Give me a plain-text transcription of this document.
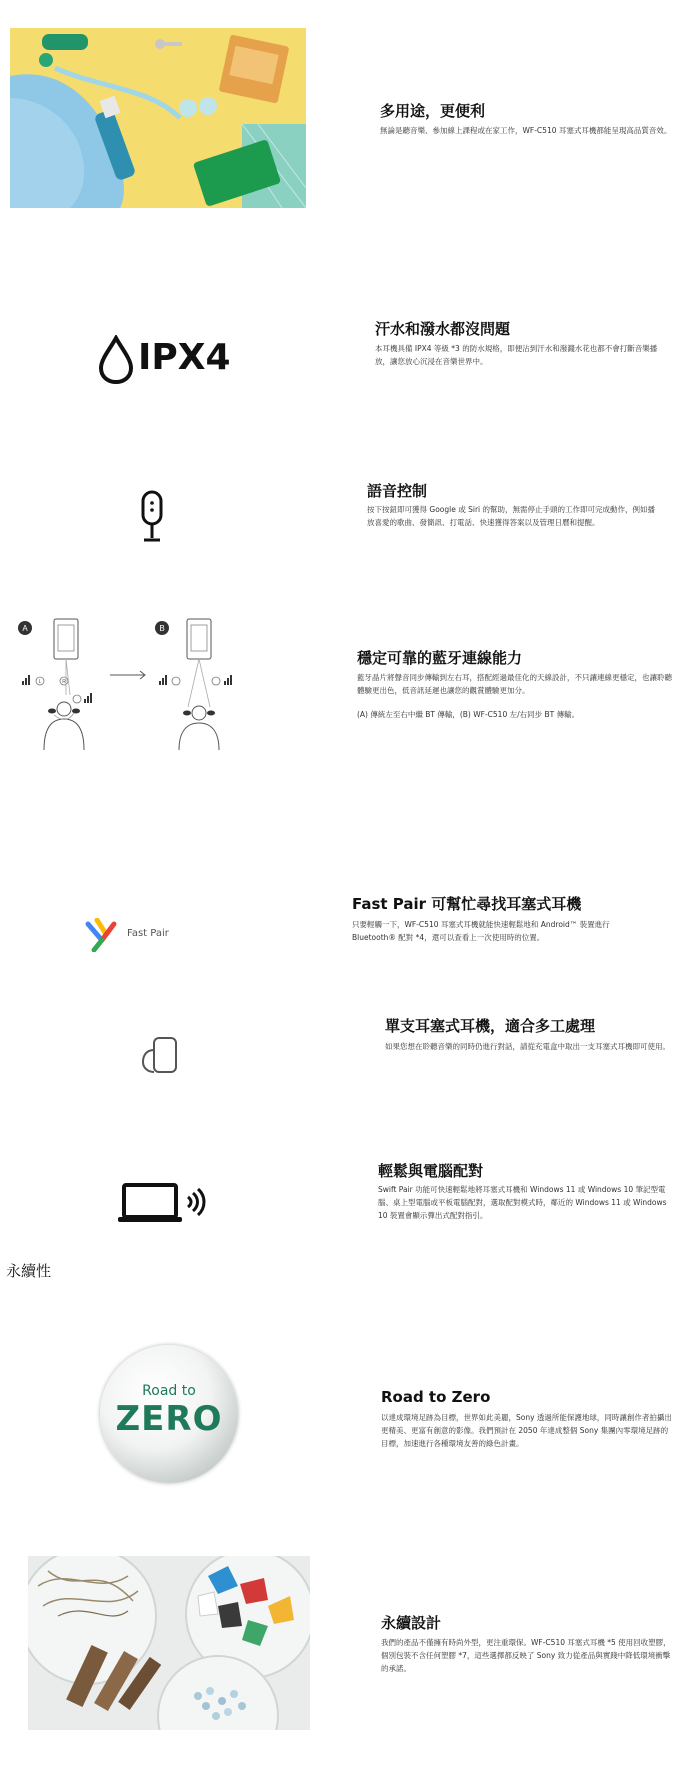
多用途，更便利
無論是聽音樂、參加線上課程或在家工作，WF-C510 耳塞式耳機都能呈現高品質音效。
IPX4
汗水和潑水都沒問題
本耳機具備 IPX4 等級 *3 的防水規格，即便沾到汗水和潑濺水花也都不會打斷音樂播放，讓您放心沉浸在音樂世界中。
語音控制
按下按鈕即可獲得 Google 或 Siri 的幫助，無需停止手頭的工作即可完成動作，例如播放喜愛的歌曲、發簡訊、打電話、快速獲得答案以及管理日曆和提醒。
A
L	R
B
穩定可靠的藍牙連線能力
藍牙晶片將聲音同步傳輸到左右耳，搭配經過最佳化的天線設計，不只讓連線更穩定，也讓聆聽體驗更出色，低音訊延遲也讓您的觀賞體驗更加分。
(A) 傳統左至右中繼 BT 傳輸，(B) WF-C510 左/右同步 BT 傳輸。
Fast Pair
Fast Pair 可幫忙尋找耳塞式耳機
只要輕觸一下，WF-C510 耳塞式耳機就能快速輕鬆地和 Android™ 裝置進行 Bluetooth® 配對 *4，還可以查看上一次使用時的位置。
單支耳塞式耳機，適合多工處理
如果您想在聆聽音樂的同時仍進行對話，請從充電盒中取出一支耳塞式耳機即可使用。
輕鬆與電腦配對
Swift Pair 功能可快速輕鬆地將耳塞式耳機和 Windows 11 或 Windows 10 筆記型電腦、桌上型電腦或平板電腦配對，選取配對模式時，鄰近的 Windows 11 或 Windows 10 裝置會顯示彈出式配對指引。
永續性
Road to
ZERO
Road to Zero
以達成環境足跡為目標，世界如此美麗，Sony 透過所能保護地球，同時讓創作者拍攝出更精美、更富有創意的影像。我們預計在 2050 年達成整個 Sony 集團內零環境足跡的目標，加速進行各種環境友善的綠色計畫。
永續設計
我們的產品不僅擁有時尚外型，更注重環保。WF-C510 耳塞式耳機 *5 使用回收塑膠，個別包裝不含任何塑膠 *7，這些選擇都反映了 Sony 致力從產品與實踐中降低環境衝擊的承諾。
